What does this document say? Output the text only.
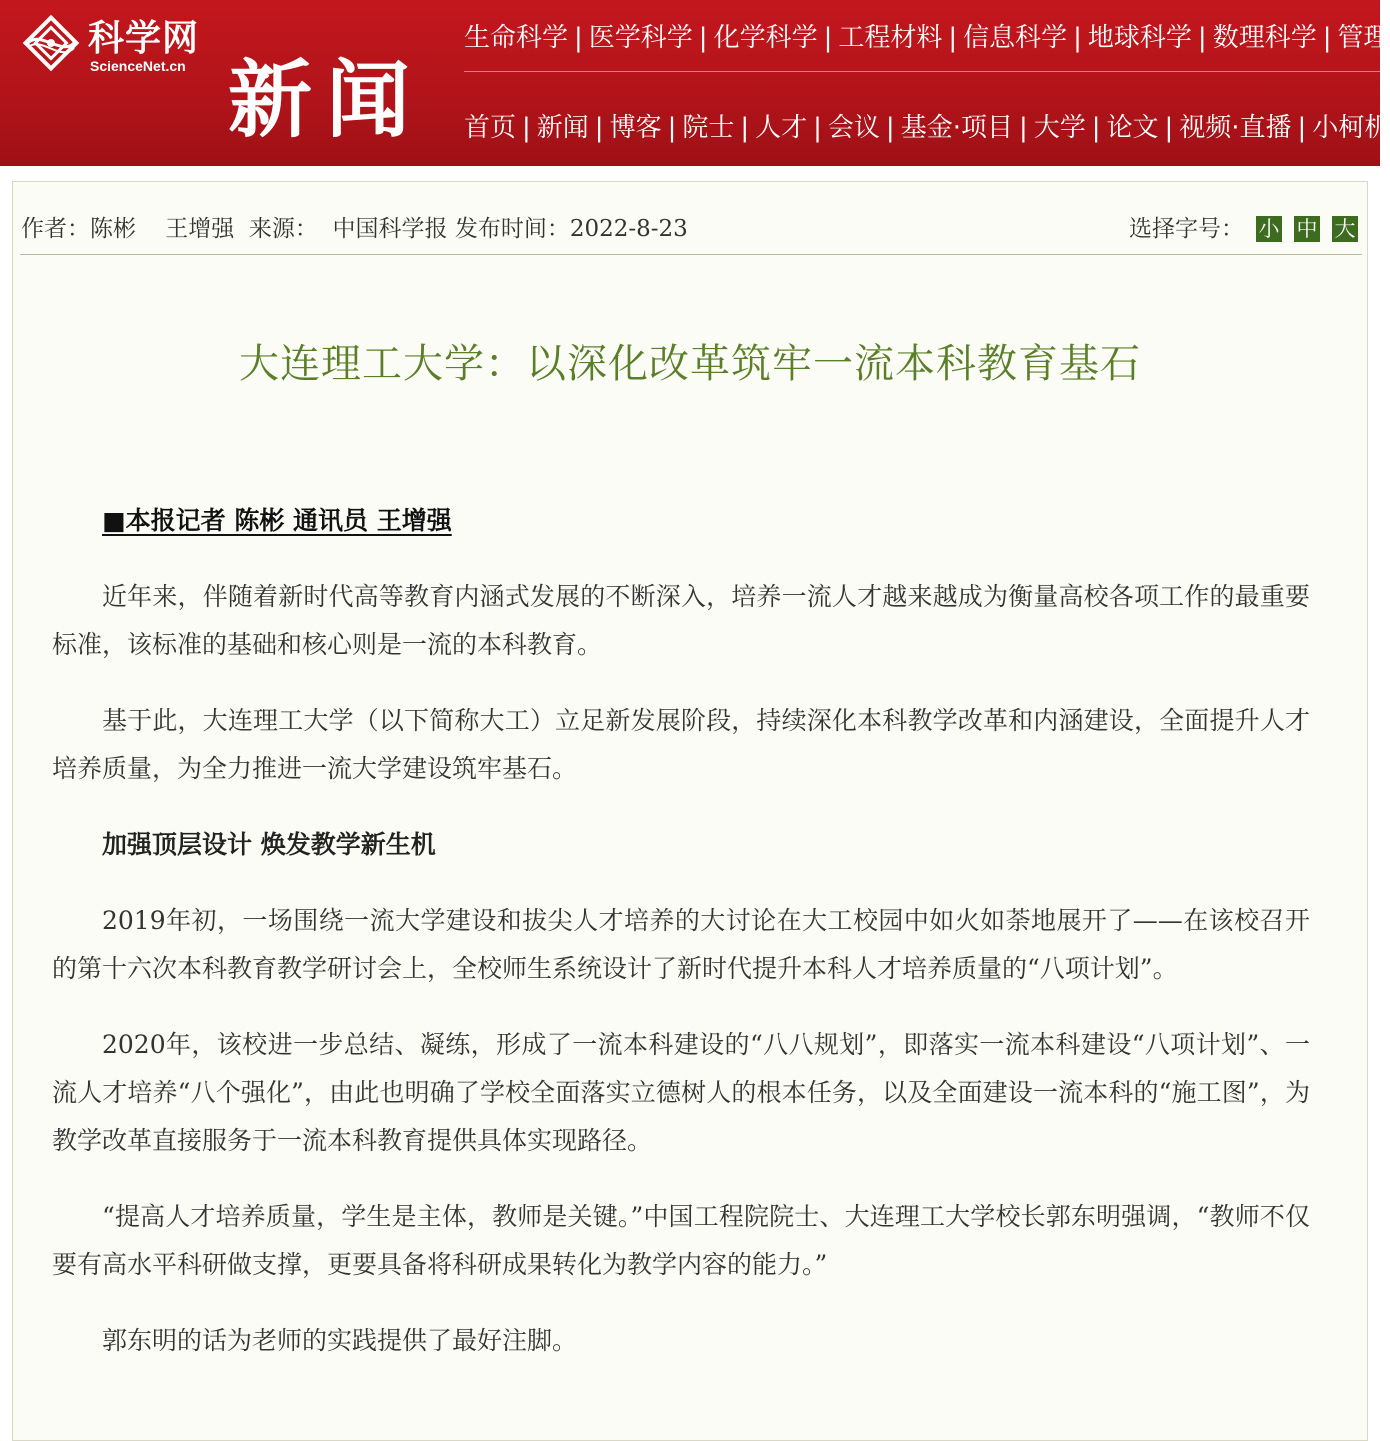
科学网
ScienceNet.cn 新闻
生命科学 | 医学科学 | 化学科学 | 工程材料 | 信息科学 | 地球科学 | 数理科学 | 管理
首页 | 新闻 | 博客 | 院士 | 人才 | 会议 | 基金·项目 | 大学 | 论文 | 视频·直播 | 小柯机
作者：陈彬    王增强 来源： 中国科学报 发布时间：2022-8-23	选择字号： 小 中 大
大连理工大学：以深化改革筑牢一流本科教育基石

■本报记者 陈彬 通讯员 王增强

近年来，伴随着新时代高等教育内涵式发展的不断深入，培养一流人才越来越成为衡量高校各项工作的最重要标准，该标准的基础和核心则是一流的本科教育。

基于此，大连理工大学（以下简称大工）立足新发展阶段，持续深化本科教学改革和内涵建设，全面提升人才培养质量，为全力推进一流大学建设筑牢基石。

加强顶层设计 焕发教学新生机

2019年初，一场围绕一流大学建设和拔尖人才培养的大讨论在大工校园中如火如荼地展开了——在该校召开的第十六次本科教育教学研讨会上，全校师生系统设计了新时代提升本科人才培养质量的“八项计划”。

2020年，该校进一步总结、凝练，形成了一流本科建设的“八八规划”，即落实一流本科建设“八项计划”、一流人才培养“八个强化”，由此也明确了学校全面落实立德树人的根本任务，以及全面建设一流本科的“施工图”，为教学改革直接服务于一流本科教育提供具体实现路径。

“提高人才培养质量，学生是主体，教师是关键。”中国工程院院士、大连理工大学校长郭东明强调，“教师不仅要有高水平科研做支撑，更要具备将科研成果转化为教学内容的能力。”

郭东明的话为老师的实践提供了最好注脚。
